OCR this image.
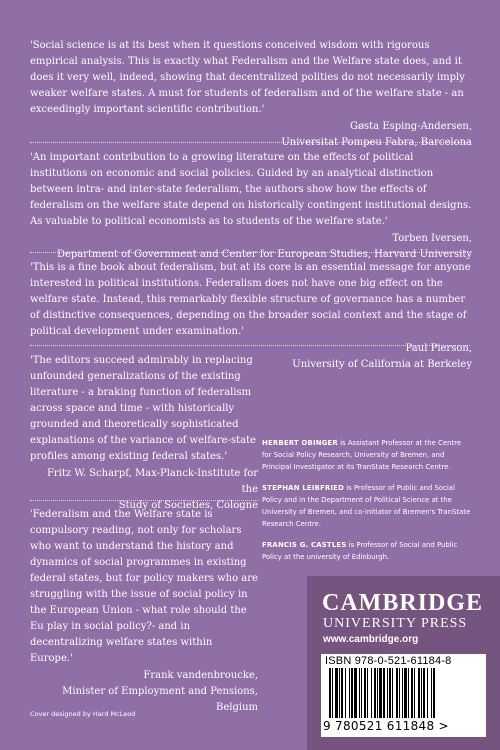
'Social science is at its best when it questions conceived wisdom with rigorous empirical analysis. This is exactly what Federalism and the Welfare state does, and it does it very well, indeed, showing that decentralized polities do not necessarily imply weaker welfare states. A must for students of federalism and of the welfare state - an exceedingly important scientific contribution.'

Gøsta Esping-Andersen,
Universitat Pompeu Fabra, Barcelona

'An important contribution to a growing literature on the effects of political institutions on economic and social policies. Guided by an analytical distinction between intra- and inter-state federalism, the authors show how the effects of federalism on the welfare state depend on historically contingent institutional designs. As valuable to political economists as to students of the welfare state.'

Torben Iversen,
Department of Government and Center for European Studies, Harvard University

'This is a fine book about federalism, but at its core is an essential message for anyone interested in political institutions. Federalism does not have one big effect on the welfare state. Instead, this remarkably flexible structure of governance has a number of distinctive consequences, depending on the broader social context and the stage of political development under examination.'

Paul Pierson,
University of California at Berkeley

'The editors succeed admirably in replacing unfounded generalizations of the existing literature - a braking function of federalism across space and time - with historically grounded and theoretically sophisticated explanations of the variance of welfare-state profiles among existing federal states.'

Fritz W. Scharpf, Max-Planck-Institute for the
Study of Societies, Cologne

'Federalism and the Welfare state is compulsory reading, not only for scholars who want to understand the history and dynamics of social programmes in existing federal states, but for policy makers who are struggling with the issue of social policy in the European Union - what role should the Eu play in social policy?- and in decentralizing welfare states within Europe.'

Frank vandenbroucke,
Minister of Employment and Pensions, Belgium

HERBERT OBINGER is Assistant Professor at the Centre for Social Policy Research, University of Bremen, and Principal Investigator at its TranState Research Centre.

STEPHAN LEIBFRIED is Professor of Public and Social Policy and in the Department of Political Science at the University of Bremen, and co-initiator of Bremen's TranState Research Centre.

FRANCIS G. CASTLES is Professor of Social and Public Policy at the university of Edinburgh.

CAMBRIDGE
UNIVERSITY PRESS
www.cambridge.org
ISBN 978-0-521-61184-8
9 780521 611848 >
Cover designed by Hard McLeod
